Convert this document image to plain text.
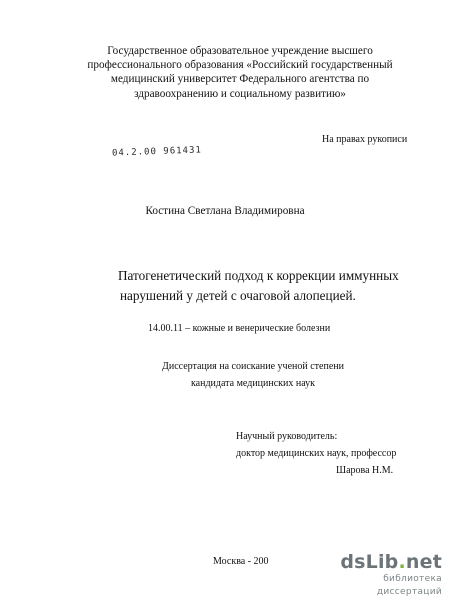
Государственное образовательное учреждение высшего
профессионального образования «Российский государственный
медицинский университет Федерального агентства по
здравоохранению и социальному развитию»
На правах рукописи
04.2.00 961431
Костина Светлана Владимировна
Патогенетический подход к коррекции иммунных
нарушений у детей с очаговой алопецией.
14.00.11 – кожные и венерические болезни
Диссертация на соискание ученой степени
кандидата медицинских наук
Научный руководитель:
доктор медицинских наук, профессор
Шарова Н.М.
Москва - 200	dsLib.net
библиотека диссертаций
